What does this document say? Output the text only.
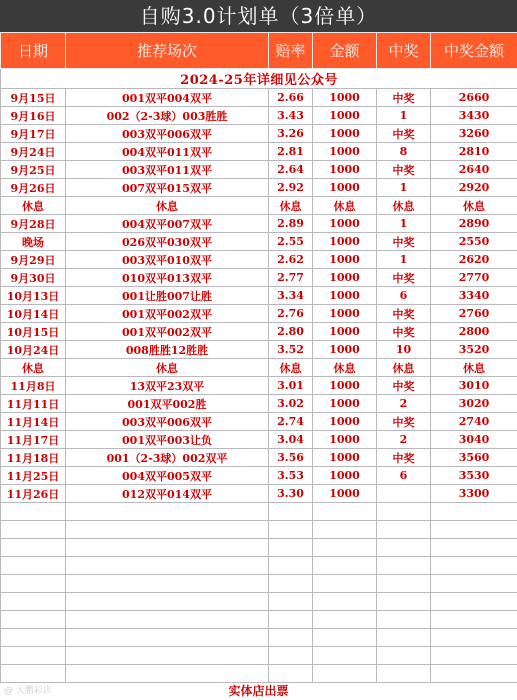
自购3.0计划单（3倍单）
日期	推荐场次	赔率	金额	中奖	中奖金额
2024-25年详细见公众号					
9月15日	001双平004双平	2.66	1000	中奖	2660
9月16日	002（2-3球）003胜胜	3.43	1000	1	3430
9月17日	003双平006双平	3.26	1000	中奖	3260
9月24日	004双平011双平	2.81	1000	8	2810
9月25日	003双平011双平	2.64	1000	中奖	2640
9月26日	007双平015双平	2.92	1000	1	2920
休息	休息	休息	休息	休息	休息
9月28日	004双平007双平	2.89	1000	1	2890
晚场	026双平030双平	2.55	1000	中奖	2550
9月29日	003双平010双平	2.62	1000	1	2620
9月30日	010双平013双平	2.77	1000	中奖	2770
10月13日	001让胜007让胜	3.34	1000	6	3340
10月14日	001双平002双平	2.76	1000	中奖	2760
10月15日	001双平002双平	2.80	1000	中奖	2800
10月24日	008胜胜12胜胜	3.52	1000	10	3520
休息	休息	休息	休息	休息	休息
11月8日	13双平23双平	3.01	1000	中奖	3010
11月11日	001双平002胜	3.02	1000	2	3020
11月14日	003双平006双平	2.74	1000	中奖	2740
11月17日	001双平003让负	3.04	1000	2	3040
11月18日	001（2-3球）002双平	3.56	1000	中奖	3560
11月25日	004双平005双平	3.53	1000	6	3530
11月26日	012双平014双平	3.30	1000		3300

@ 大鹏彩店	实体店出票
